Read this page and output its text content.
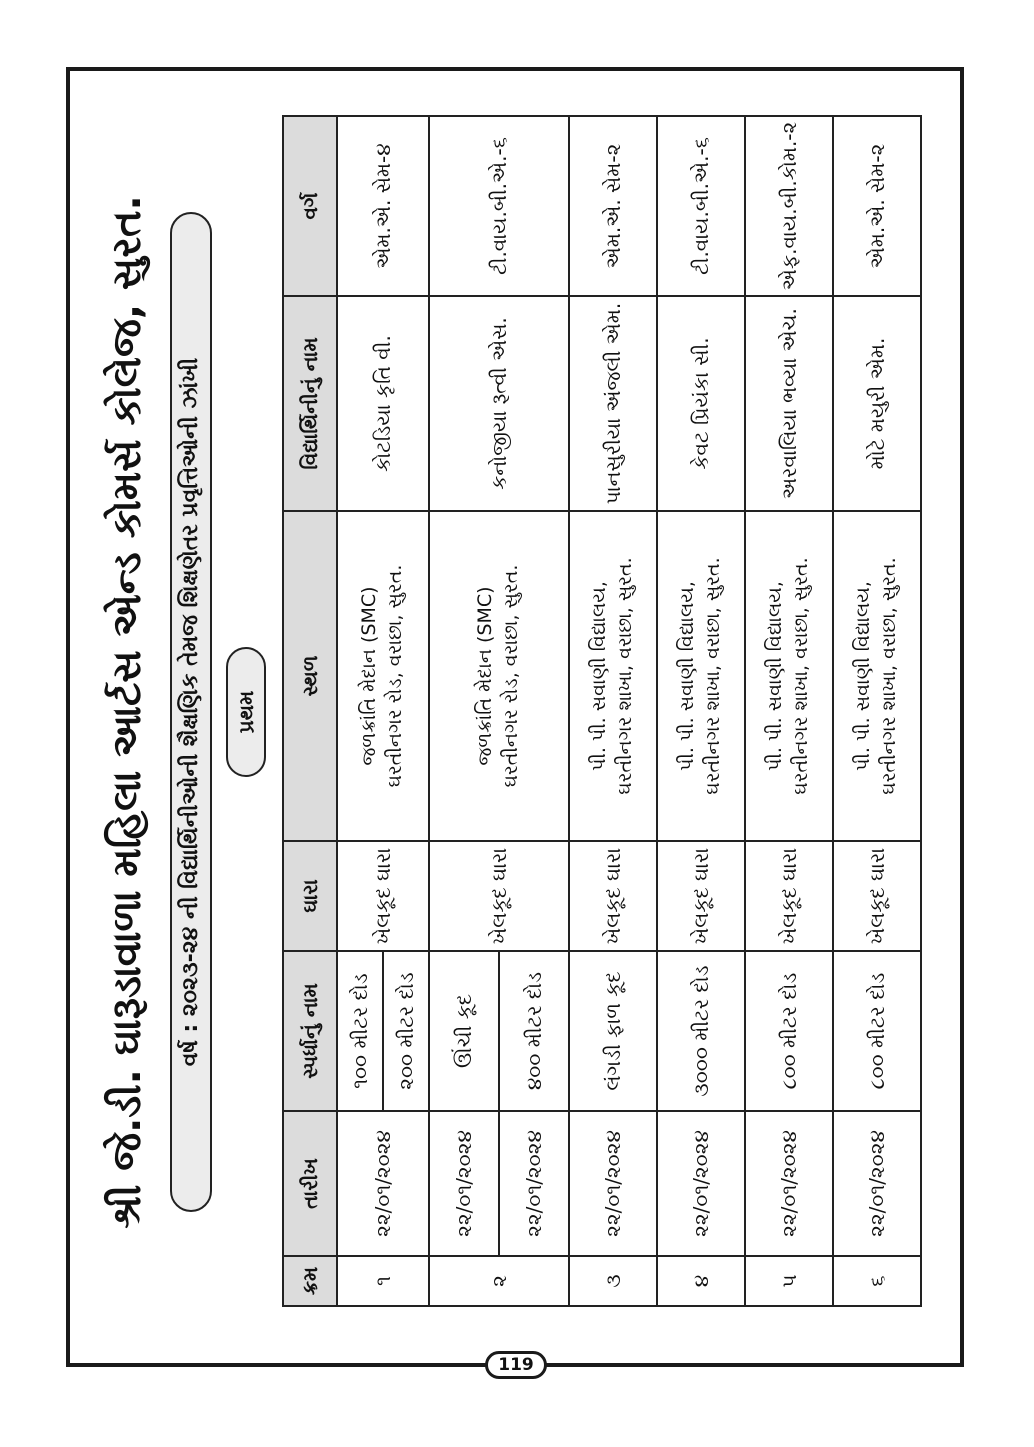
શ્રી જે.ડી. ઘારૂડાવાળા મહિલા આર્ટસ એન્ડ કોમર્સ કોલેજ, સુરત.	વર્ષ : ૨૦૨૩-૨૪ ની વિદ્યાર્થિનીઓની શૈક્ષણિક તેમજ શિક્ષણેતર પ્રવૃત્તિઓની ઝાંખી	પ્રથમ
ક્રમ	તારીખ	સ્પર્ધાનું નામ	ઘારા	સ્થળ	વિદ્યાર્થિનીનું નામ	વર્ગ
૧	૨૨/૦૧/૨૦૨૪	૧૦૦ મીટર દોડ	ખેલકૂદ ઘારા	જળક્રાંતિ મેદાન (SMC) ઘરતીનગર રોડ, વરાછા, સુરત.	કોટડિયા કૃતિ વી.	એમ.એ. સેમ-૪
		૨૦૦ મીટર દોડ				
૨	૨૨/૦૧/૨૦૨૪	ઊંચી કૂદ	ખેલકૂદ ઘારા	જળક્રાંતિ મેદાન (SMC) ઘરતીનગર રોડ, વરાછા, સુરત.	કનોજીયા રૂત્વી એસ.	ટી.વાય.બી.એ.-૬
	૨૨/૦૧/૨૦૨૪	૪૦૦ મીટર દોડ				
૩	૨૨/૦૧/૨૦૨૪	લંગડી ફાળ કૂદ	ખેલકૂદ ઘારા	પી. પી. સવાણી વિદ્યાલય, ઘરતીનગર શાખા, વરાછા, સુરત.	પાનસુરીયા અંજલી એમ.	એમ.એ. સેમ-૨
૪	૨૨/૦૧/૨૦૨૪	૩૦૦૦ મીટર દોડ	ખેલકૂદ ઘારા	પી. પી. સવાણી વિદ્યાલય, ઘરતીનગર શાખા, વરાછા, સુરત.	કેવટ પ્રિયંકા સી.	ટી.વાય.બી.એ.-૬
૫	૨૨/૦૧/૨૦૨૪	૮૦૦ મીટર દોડ	ખેલકૂદ ઘારા	પી. પી. સવાણી વિદ્યાલય, ઘરતીનગર શાખા, વરાછા, સુરત.	અરવાલિયા ભવ્યા એચ.	એફ.વાય.બી.કોમ.-૨
૬	૨૨/૦૧/૨૦૨૪	૮૦૦ મીટર દોડ	ખેલકૂદ ઘારા	પી. પી. સવાણી વિદ્યાલય, ઘરતીનગર શાખા, વરાછા, સુરત.	મોટે મયુરી એમ.	એમ.એ. સેમ-૨
119
